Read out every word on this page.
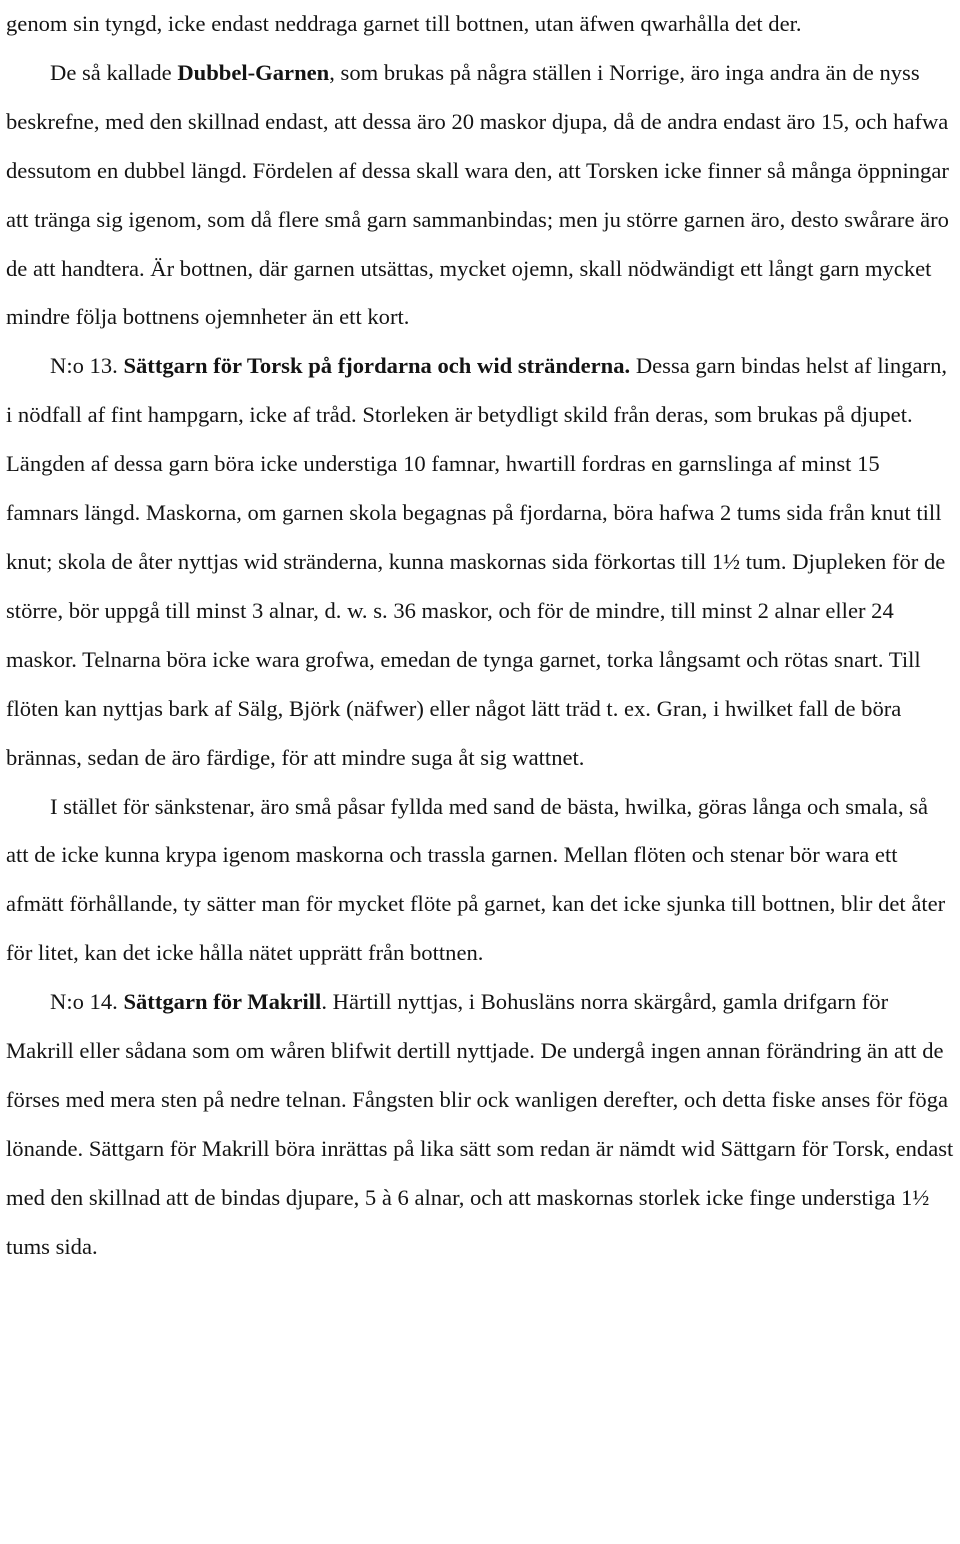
genom sin tyngd, icke endast neddraga garnet till bottnen, utan äfwen qwarhålla det der.

De så kallade Dubbel-Garnen, som brukas på några ställen i Norrige, äro inga andra än de nyss beskrefne, med den skillnad endast, att dessa äro 20 maskor djupa, då de andra endast äro 15, och hafwa dessutom en dubbel längd. Fördelen af dessa skall wara den, att Torsken icke finner så många öppningar att tränga sig igenom, som då flere små garn sammanbindas; men ju större garnen äro, desto swårare äro de att handtera. Är bottnen, där garnen utsättas, mycket ojemn, skall nödwändigt ett långt garn mycket mindre följa bottnens ojemnheter än ett kort.

N:o 13. Sättgarn för Torsk på fjordarna och wid stränderna. Dessa garn bindas helst af lingarn, i nödfall af fint hampgarn, icke af tråd. Storleken är betydligt skild från deras, som brukas på djupet. Längden af dessa garn böra icke understiga 10 famnar, hwartill fordras en garnslinga af minst 15 famnars längd. Maskorna, om garnen skola begagnas på fjordarna, böra hafwa 2 tums sida från knut till knut; skola de åter nyttjas wid stränderna, kunna maskornas sida förkortas till 1½ tum. Djupleken för de större, bör uppgå till minst 3 alnar, d. w. s. 36 maskor, och för de mindre, till minst 2 alnar eller 24 maskor. Telnarna böra icke wara grofwa, emedan de tynga garnet, torka långsamt och rötas snart. Till flöten kan nyttjas bark af Sälg, Björk (näfwer) eller något lätt träd t. ex. Gran, i hwilket fall de böra brännas, sedan de äro färdige, för att mindre suga åt sig wattnet.

I stället för sänkstenar, äro små påsar fyllda med sand de bästa, hwilka, göras långa och smala, så att de icke kunna krypa igenom maskorna och trassla garnen. Mellan flöten och stenar bör wara ett afmätt förhållande, ty sätter man för mycket flöte på garnet, kan det icke sjunka till bottnen, blir det åter för litet, kan det icke hålla nätet upprätt från bottnen.

N:o 14. Sättgarn för Makrill. Härtill nyttjas, i Bohusläns norra skärgård, gamla drifgarn för Makrill eller sådana som om wåren blifwit dertill nyttjade. De undergå ingen annan förändring än att de förses med mera sten på nedre telnan. Fångsten blir ock wanligen derefter, och detta fiske anses för föga lönande. Sättgarn för Makrill böra inrättas på lika sätt som redan är nämdt wid Sättgarn för Torsk, endast med den skillnad att de bindas djupare, 5 à 6 alnar, och att maskornas storlek icke finge understiga 1½ tums sida.
